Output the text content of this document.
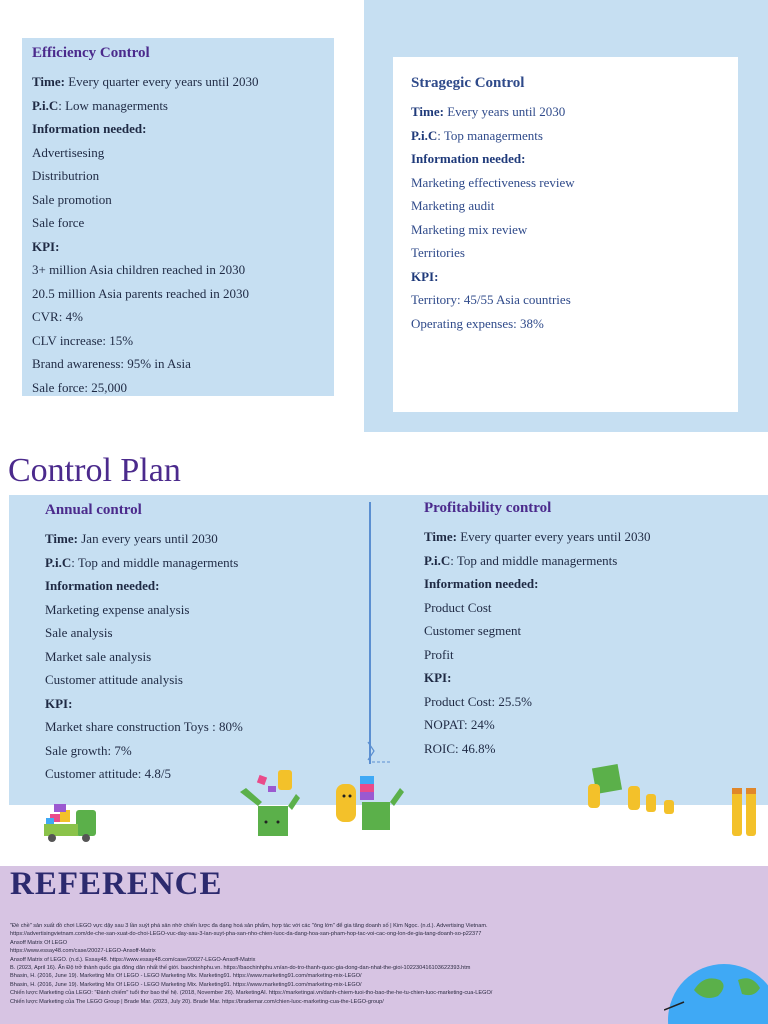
Efficiency Control
Time: Every quarter every years until 2030
P.i.C: Low managerments
Information needed:
Advertisesing
Distributrion
Sale promotion
Sale force
KPI:
3+ million Asia children reached in 2030
20.5 million Asia parents reached in 2030
CVR: 4%
CLV increase: 15%
Brand awareness: 95% in Asia
Sale force: 25,000
Stragegic Control
Time: Every years until 2030
P.i.C: Top managerments
Information needed:
Marketing effectiveness review
Marketing audit
Marketing mix review
Territories
KPI:
Territory: 45/55 Asia countries
Operating expenses: 38%
Control Plan
Annual control
Time: Jan every years until 2030
P.i.C: Top and middle managerments
Information needed:
Marketing expense analysis
Sale analysis
Market sale analysis
Customer attitude analysis
KPI:
Market share construction Toys : 80%
Sale growth: 7%
Customer attitude: 4.8/5
Profitability control
Time: Every quarter every years until 2030
P.i.C: Top and middle managerments
Information needed:
Product Cost
Customer segment
Profit
KPI:
Product Cost: 25.5%
NOPAT: 24%
ROIC: 46.8%
REFERENCE
"Đè chề" sản xuất đồ chơi LEGO vực dậy sau 3 lần suýt phá sản nhờ chiến lược đa dạng hoá sản phẩm, hợp tác với các "ông lớn" để gia tăng doanh số | Kim Ngọc. (n.d.). Advertising Vietnam.
https://advertisingvietnam.com/de-che-san-xuat-do-choi-LEGO-vuc-day-sau-3-lan-suyt-pha-san-nho-chien-luoc-da-dang-hoa-san-pham-hop-tac-voi-cac-ong-lon-de-gia-tang-doanh-so-p22377
Ansoff Matrix Of LEGO
https://www.essay48.com/case/20027-LEGO-Ansoff-Matrix
Ansoff Matrix of LEGO. (n.d.). Essay48. https://www.essay48.com/case/20027-LEGO-Ansoff-Matrix
B. (2023, April 16). Ấn Độ trở thành quốc gia đông dân nhất thế giới. baochinhphu.vn. https://baochinhphu.vn/an-do-tro-thanh-quoc-gia-dong-dan-nhat-the-gioi-102230416103622393.htm
Bhasin, H. (2016, June 19). Marketing Mix Of LEGO - LEGO Marketing Mix. Marketing91. https://www.marketing91.com/marketing-mix-LEGO/
Bhasin, H. (2016, June 19). Marketing Mix Of LEGO - LEGO Marketing Mix. Marketing91. https://www.marketing91.com/marketing-mix-LEGO/
Chiến lược Marketing của LEGO: "Đánh chiếm" tuổi thơ bao thế hệ. (2018, November 26). MarketingAI. https://marketingai.vn/danh-chiem-tuoi-tho-bao-the-he-tu-chien-luoc-marketing-cua-LEGO/
Chiến lược Marketing của The LEGO Group | Brade Mar. (2023, July 20). Brade Mar. https://brademar.com/chien-luoc-marketing-cua-the-LEGO-group/
